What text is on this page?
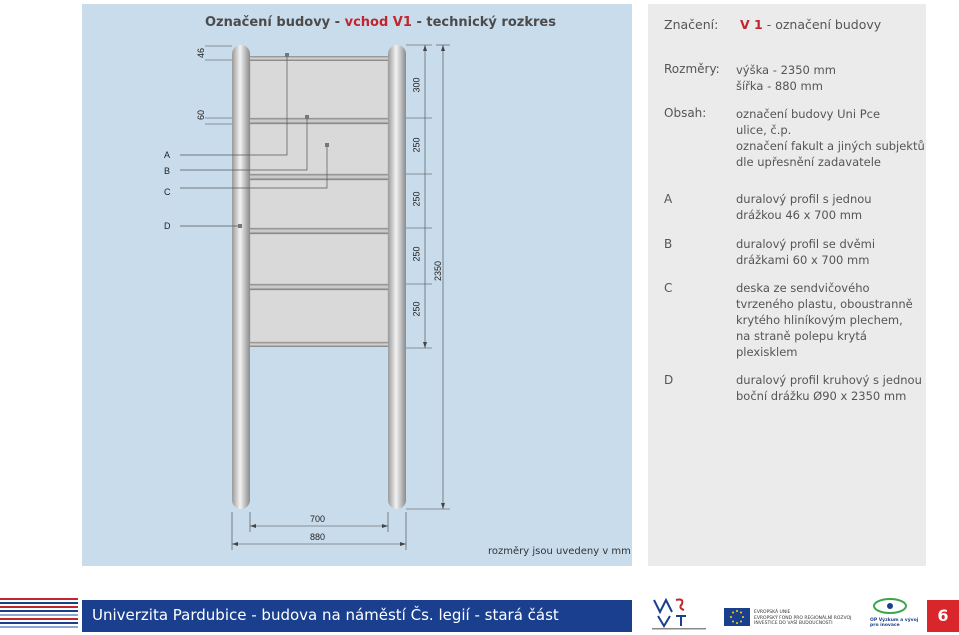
Označení budovy - vchod V1 - technický rozkres
46
60
300
250
250
250
250
2350
700
880
A
B
C
D
rozměry jsou uvedeny v mm
Značení: V 1 - označení budovy
Rozměry: výška - 2350 mm
šířka - 880 mm
Obsah:	označení budovy Uni Pce
ulice, č.p.
označení fakult a jiných subjektů
dle upřesnění zadavatele
A	duralový profil s jednou
drážkou 46 x 700 mm
B	duralový profil se dvěmi
drážkami 60 x 700 mm
C	deska ze sendvičového
tvrzeného plastu, oboustranně
krytého hliníkovým plechem,
na straně polepu krytá
plexisklem
D	duralový profil kruhový s jednou
boční drážku Ø90 x 2350 mm
Univerzita Pardubice - budova na náměstí Čs. legií - stará část	EVROPSKÁ UNIE
EVROPSKÝ FOND PRO REGIONÁLNÍ ROZVOJ
INVESTICE DO VAŠÍ BUDOUCNOSTI
OP Výzkum a vývoj
pro inovace
6
